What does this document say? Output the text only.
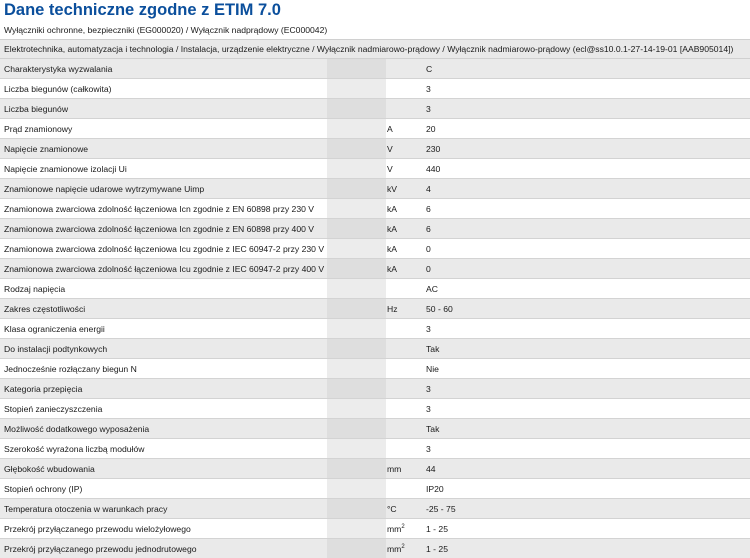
Dane techniczne zgodne z ETIM 7.0
Wyłączniki ochronne, bezpieczniki (EG000020) / Wyłącznik nadprądowy (EC000042)
Elektrotechnika, automatyzacja i technologia / Instalacja, urządzenie elektryczne / Wyłącznik nadmiarowo-prądowy / Wyłącznik nadmiarowo-prądowy (ecl@ss10.0.1-27-14-19-01 [AAB905014])
Charakterystyka wyzwalania	C
Liczba biegunów (całkowita)	3
Liczba biegunów	3
Prąd znamionowy	A	20
Napięcie znamionowe	V	230
Napięcie znamionowe izolacji Ui	V	440
Znamionowe napięcie udarowe wytrzymywane Uimp	kV	4
Znamionowa zwarciowa zdolność łączeniowa Icn zgodnie z EN 60898 przy 230 V	kA	6
Znamionowa zwarciowa zdolność łączeniowa Icn zgodnie z EN 60898 przy 400 V	kA	6
Znamionowa zwarciowa zdolność łączeniowa Icu zgodnie z IEC 60947-2 przy 230 V	kA	0
Znamionowa zwarciowa zdolność łączeniowa Icu zgodnie z IEC 60947-2 przy 400 V	kA	0
Rodzaj napięcia	AC
Zakres częstotliwości	Hz	50 - 60
Klasa ograniczenia energii	3
Do instalacji podtynkowych	Tak
Jednocześnie rozłączany biegun N	Nie
Kategoria przepięcia	3
Stopień zanieczyszczenia	3
Możliwość dodatkowego wyposażenia	Tak
Szerokość wyrażona liczbą modułów	3
Głębokość wbudowania	mm	44
Stopień ochrony (IP)	IP20
Temperatura otoczenia w warunkach pracy	°C	-25 - 75
Przekrój przyłączanego przewodu wielożyłowego	$mm^2$	1 - 25
Przekrój przyłączanego przewodu jednodrutowego	$mm^2$	1 - 25
